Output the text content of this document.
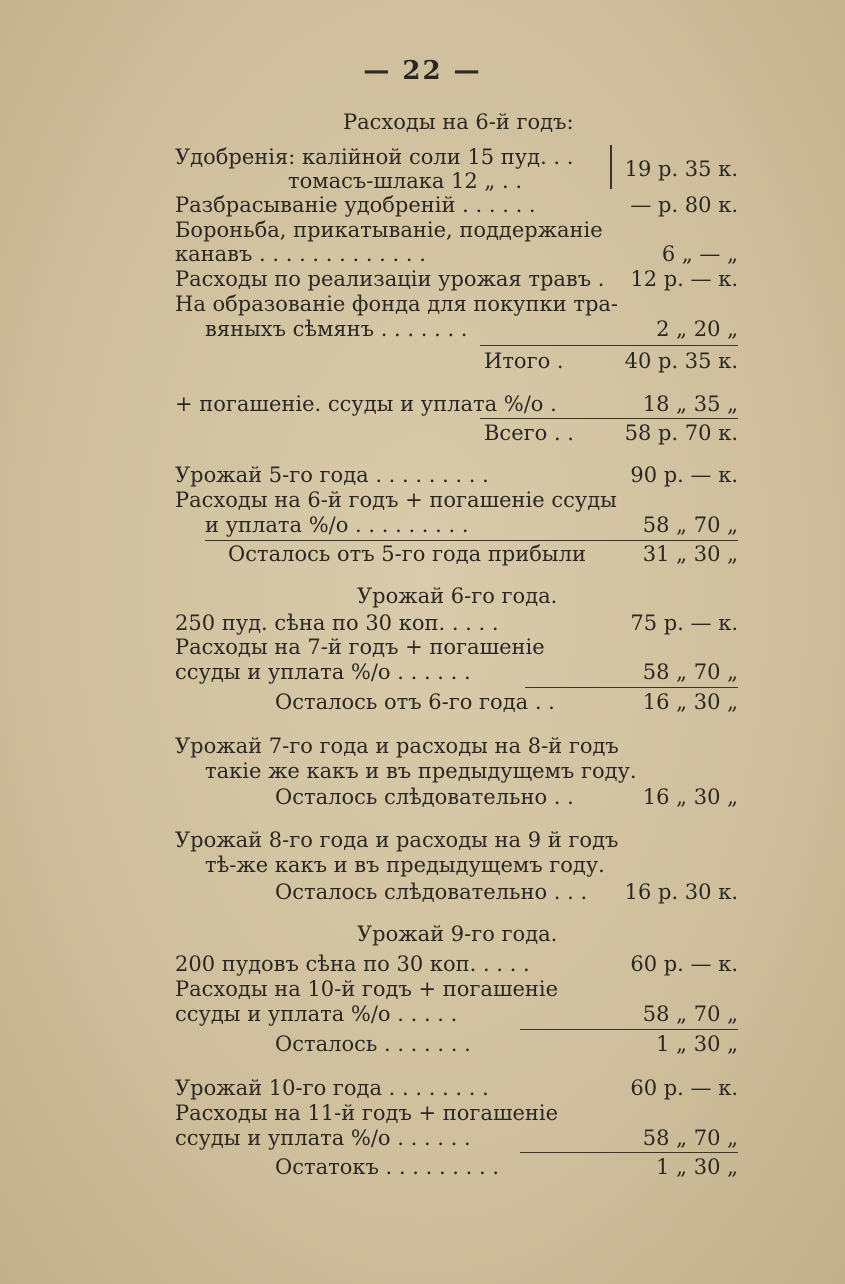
— 22 —
Расходы на 6-й годъ:
Удобренія: калійной соли 15 пуд. . .
томасъ-шлака 12 „ . .	19 р. 35 к.
Разбрасываніе удобреній . . . . . .	— р. 80 к.
Бороньба, прикатываніе, поддержаніе
канавъ . . . . . . . . . . . . .	6 „ — „
Расходы по реализаціи урожая травъ .	12 р. — к.
На образованіе фонда для покупки тра-
вяныхъ сѣмянъ . . . . . . .	2 „ 20 „
Итого .	40 р. 35 к.
+ погашеніе. ссуды и уплата %/о .	18 „ 35 „
Всего . .	58 р. 70 к.
Урожай 5-го года . . . . . . . . .	90 р. — к.
Расходы на 6-й годъ + погашеніе ссуды
и уплата %/о . . . . . . . . .	58 „ 70 „
Осталось отъ 5-го года прибыли	31 „ 30 „
Урожай 6-го года.
250 пуд. сѣна по 30 коп. . . . .	75 р. — к.
Расходы на 7-й годъ + погашеніе
ссуды и уплата %/о . . . . . .	58 „ 70 „
Осталось отъ 6-го года . .	16 „ 30 „
Урожай 7-го года и расходы на 8-й годъ
такіе же какъ и въ предыдущемъ году.
Осталось слѣдовательно . .	16 „ 30 „
Урожай 8-го года и расходы на 9 й годъ
тѣ-же какъ и въ предыдущемъ году.
Осталось слѣдовательно . . .	16 р. 30 к.
Урожай 9-го года.
200 пудовъ сѣна по 30 коп. . . . .	60 р. — к.
Расходы на 10-й годъ + погашеніе
ссуды и уплата %/о . . . . .	58 „ 70 „
Осталось . . . . . . .	1 „ 30 „
Урожай 10-го года . . . . . . . .	60 р. — к.
Расходы на 11-й годъ + погашеніе
ссуды и уплата %/о . . . . . .	58 „ 70 „
Остатокъ . . . . . . . . .	1 „ 30 „
